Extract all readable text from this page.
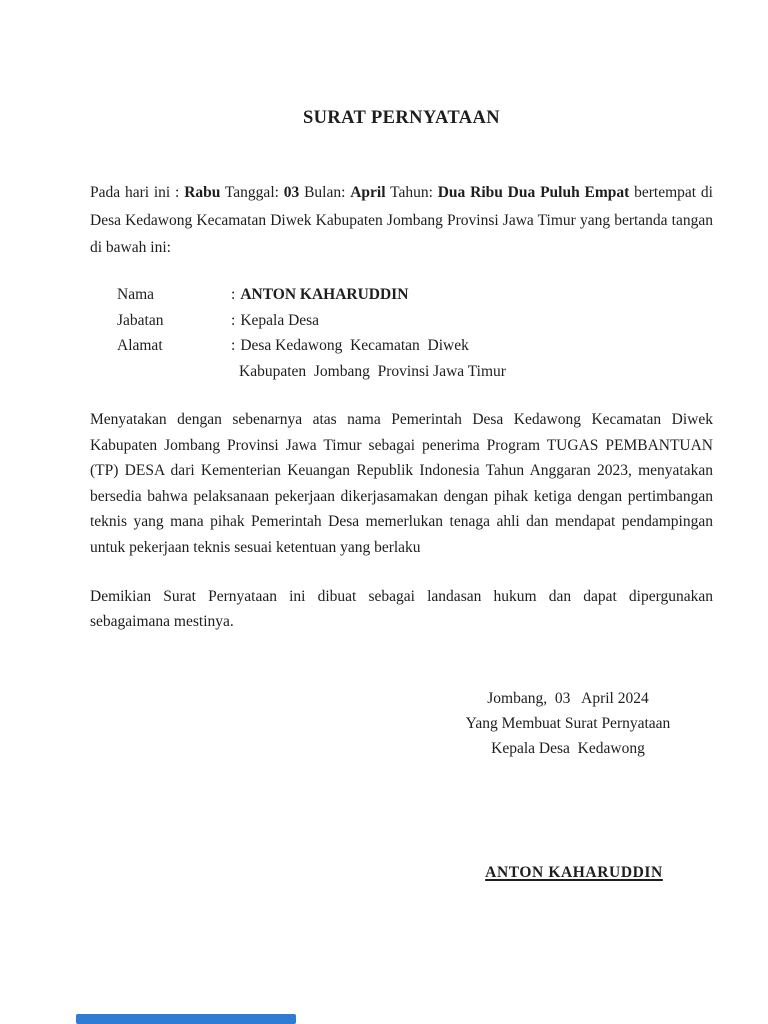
SURAT PERNYATAAN
Pada hari ini : Rabu Tanggal: 03 Bulan: April Tahun: Dua Ribu Dua Puluh Empat bertempat di
Desa Kedawong Kecamatan Diwek Kabupaten Jombang Provinsi Jawa Timur yang bertanda tangan
di bawah ini:
Nama	: ANTON KAHARUDDIN
Jabatan	: Kepala Desa
Alamat	: Desa Kedawong  Kecamatan  Diwek
Kabupaten  Jombang  Provinsi Jawa Timur
Menyatakan dengan sebenarnya atas nama Pemerintah Desa Kedawong Kecamatan Diwek
Kabupaten Jombang Provinsi Jawa Timur sebagai penerima Program TUGAS PEMBANTUAN
(TP) DESA dari Kementerian Keuangan Republik Indonesia Tahun Anggaran 2023, menyatakan
bersedia bahwa pelaksanaan pekerjaan dikerjasamakan dengan pihak ketiga dengan pertimbangan
teknis yang mana pihak Pemerintah Desa memerlukan tenaga ahli dan mendapat pendampingan
untuk pekerjaan teknis sesuai ketentuan yang berlaku
Demikian Surat Pernyataan ini dibuat sebagai landasan hukum dan dapat dipergunakan
sebagaimana mestinya.
Jombang,  03   April 2024
Yang Membuat Surat Pernyataan
Kepala Desa  Kedawong
ANTON KAHARUDDIN
